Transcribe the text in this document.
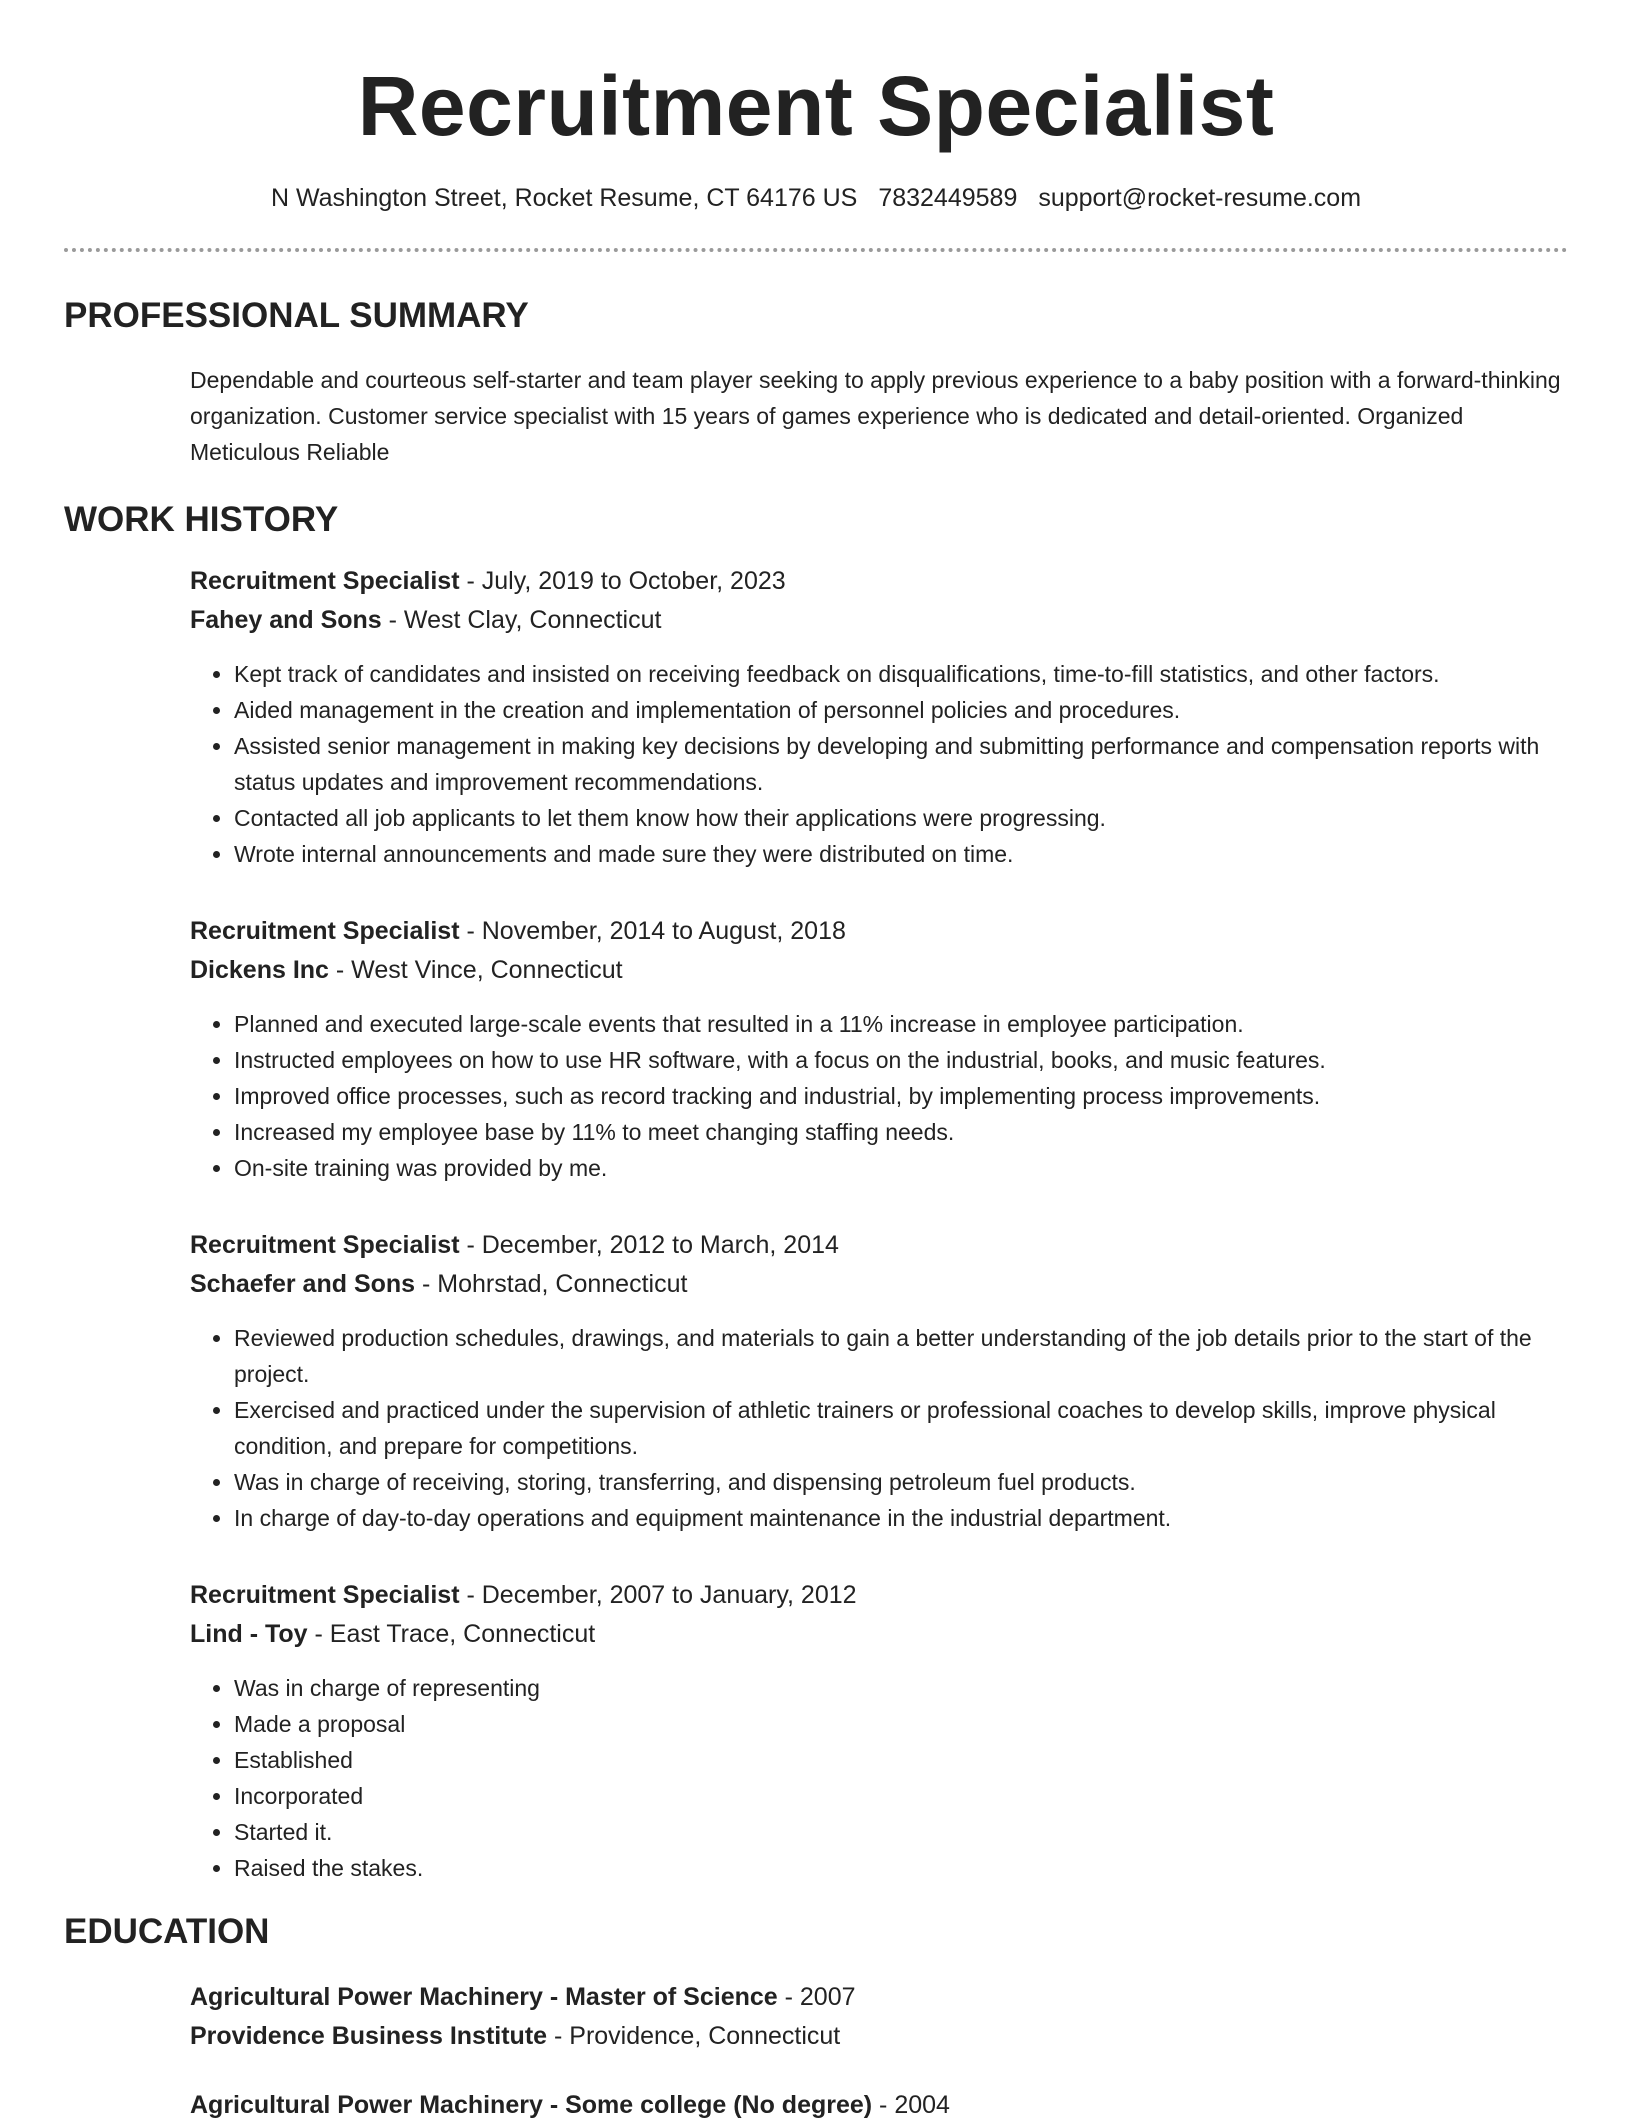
Recruitment Specialist
N Washington Street, Rocket Resume, CT 64176 US 7832449589 support@rocket-resume.com
PROFESSIONAL SUMMARY

Dependable and courteous self-starter and team player seeking to apply previous experience to a baby position with a forward-thinking organization. Customer service specialist with 15 years of games experience who is dedicated and detail-oriented. Organized Meticulous Reliable

WORK HISTORY
Recruitment Specialist - July, 2019 to October, 2023
Fahey and Sons - West Clay, Connecticut
• Kept track of candidates and insisted on receiving feedback on disqualifications, time-to-fill statistics, and other factors.
• Aided management in the creation and implementation of personnel policies and procedures.
• Assisted senior management in making key decisions by developing and submitting performance and compensation reports with status updates and improvement recommendations.
• Contacted all job applicants to let them know how their applications were progressing.
• Wrote internal announcements and made sure they were distributed on time.
Recruitment Specialist - November, 2014 to August, 2018
Dickens Inc - West Vince, Connecticut
• Planned and executed large-scale events that resulted in a 11% increase in employee participation.
• Instructed employees on how to use HR software, with a focus on the industrial, books, and music features.
• Improved office processes, such as record tracking and industrial, by implementing process improvements.
• Increased my employee base by 11% to meet changing staffing needs.
• On-site training was provided by me.
Recruitment Specialist - December, 2012 to March, 2014
Schaefer and Sons - Mohrstad, Connecticut
• Reviewed production schedules, drawings, and materials to gain a better understanding of the job details prior to the start of the project.
• Exercised and practiced under the supervision of athletic trainers or professional coaches to develop skills, improve physical condition, and prepare for competitions.
• Was in charge of receiving, storing, transferring, and dispensing petroleum fuel products.
• In charge of day-to-day operations and equipment maintenance in the industrial department.
Recruitment Specialist - December, 2007 to January, 2012
Lind - Toy - East Trace, Connecticut
• Was in charge of representing
• Made a proposal
• Established
• Incorporated
• Started it.
• Raised the stakes.
EDUCATION
Agricultural Power Machinery - Master of Science - 2007
Providence Business Institute - Providence, Connecticut
Agricultural Power Machinery - Some college (No degree) - 2004
